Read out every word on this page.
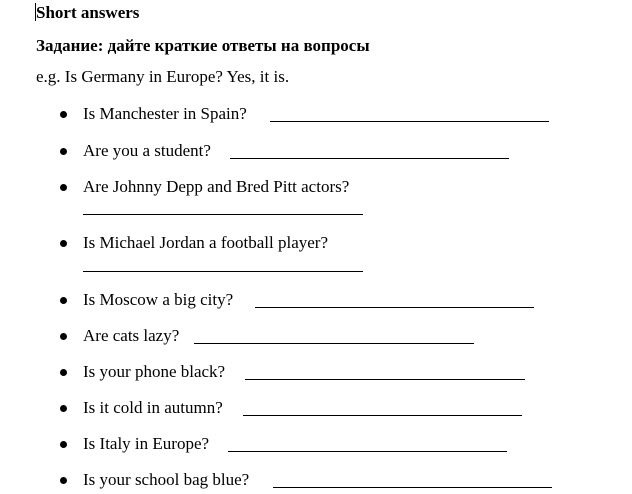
Short answers
Задание: дайте краткие ответы на вопросы
e.g. Is Germany in Europe? Yes, it is.
Is Manchester in Spain?
Are you a student?
Are Johnny Depp and Bred Pitt actors?
Is Michael Jordan a football player?
Is Moscow a big city?
Are cats lazy?
Is your phone black?
Is it cold in autumn?
Is Italy in Europe?
Is your school bag blue?
